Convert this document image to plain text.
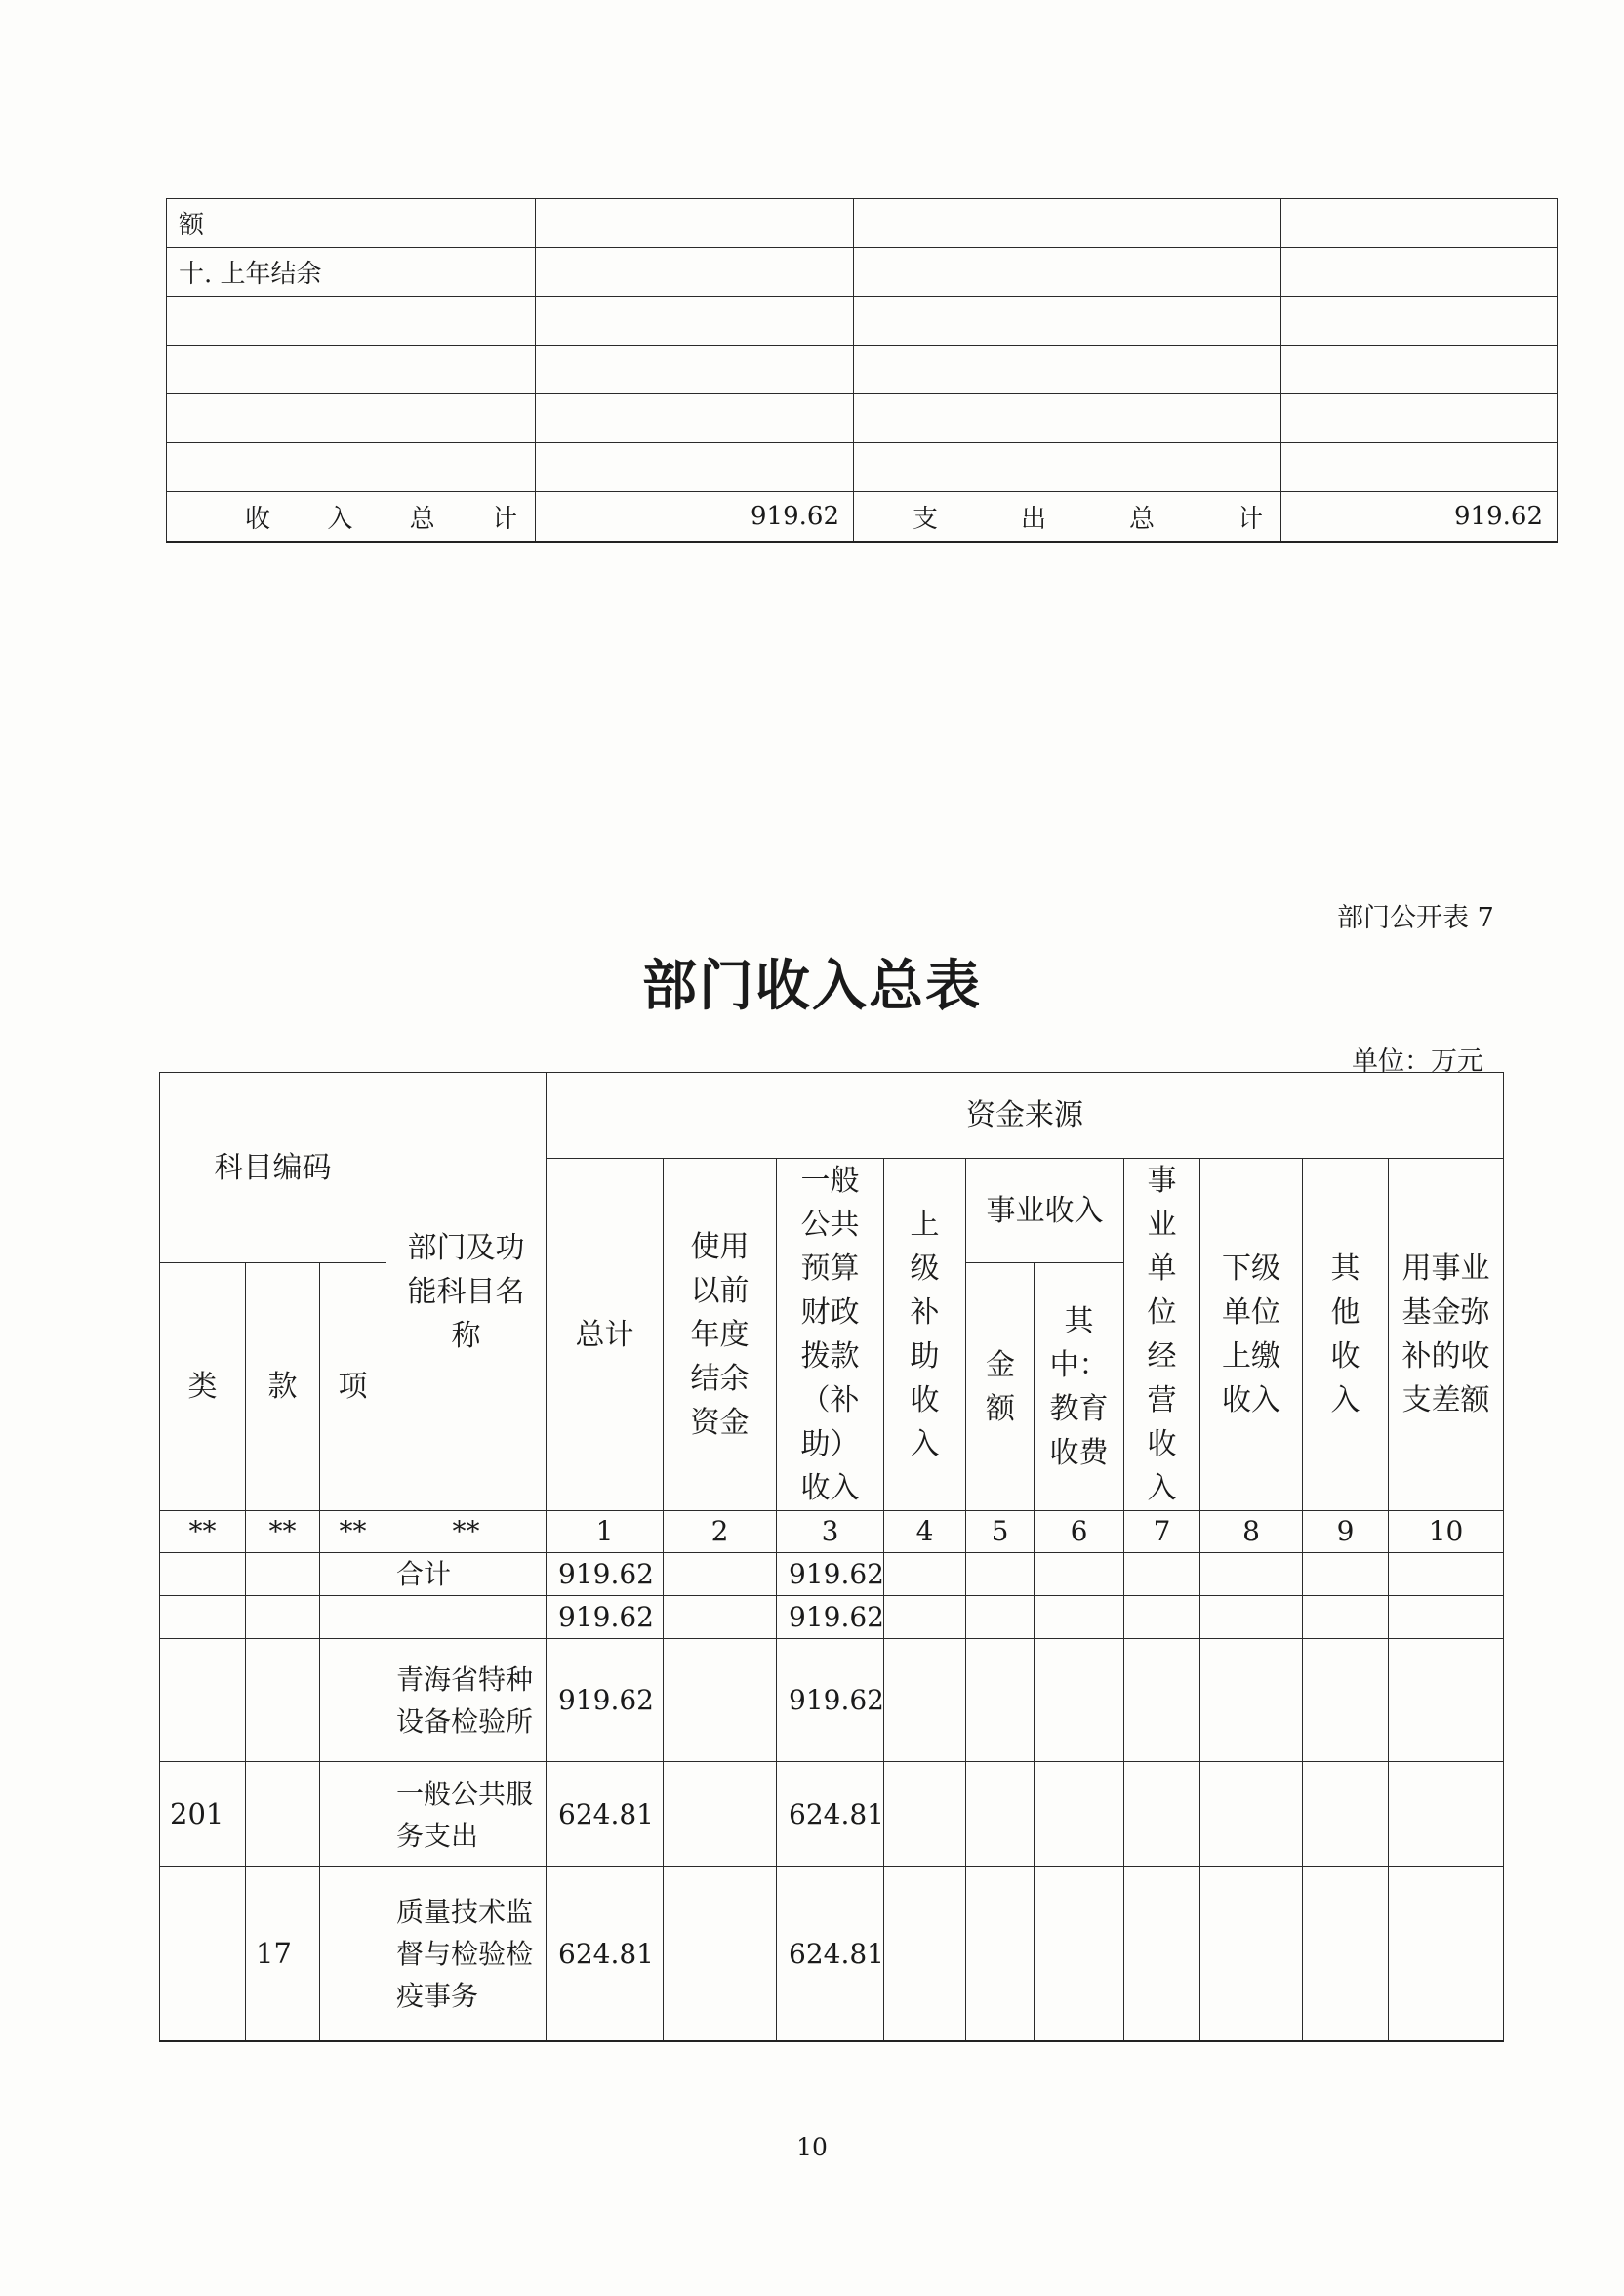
额			
十. 上年结余			

收 入 总 计	919.62	支 出 总 计	919.62
部门公开表 7
部门收入总表
单位：万元
科目编码			部门及功能科目名称	资金来源									
				总计	使用以前年度结余资金	一般公共预算财政拨款（补助）收入	上级补助收入	事业收入		事业单位经营收入	下级单位上缴收入	其他收入	用事业基金弥补的收支差额
类	款	项						金额	其中：教育收费				
**	**	**	**	1	2	3	4	5	6	7	8	9	10
			合计	919.62		919.62							
				919.62		919.62							
			青海省特种设备检验所	919.62		919.62							
201			一般公共服务支出	624.81		624.81							
	17		质量技术监督与检验检疫事务	624.81		624.81							
10
